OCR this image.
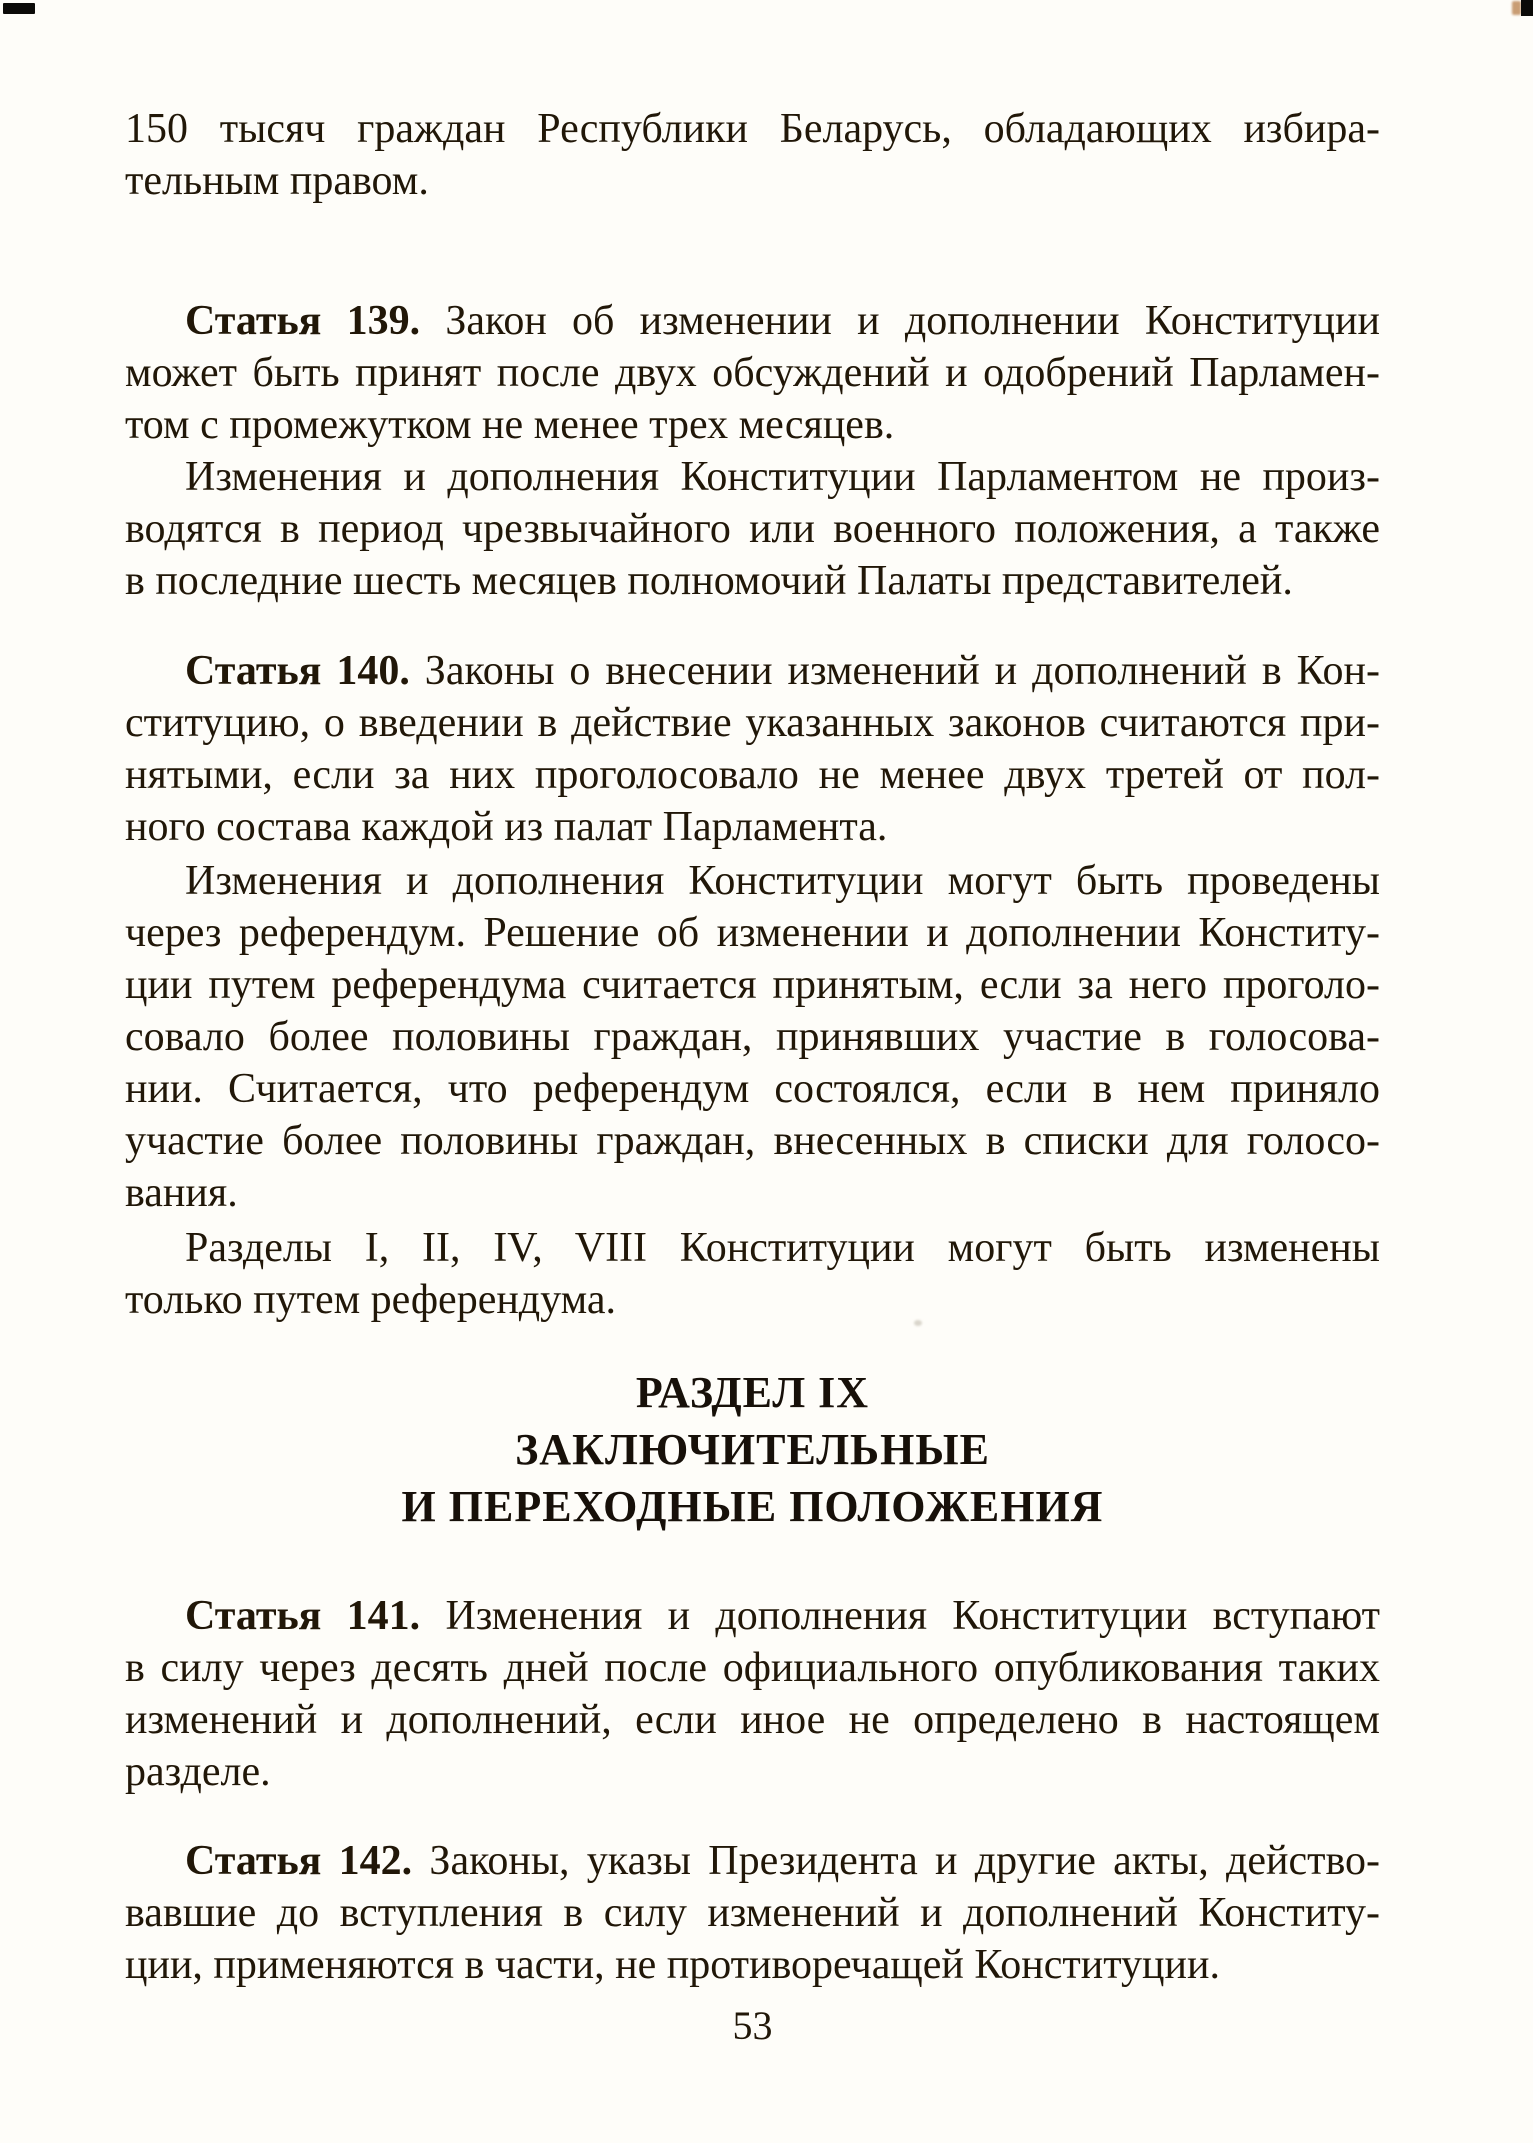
150 тысяч граждан Республики Беларусь, обладающих избира-
тельным правом.
Статья 139. Закон об изменении и дополнении Конституции
может быть принят после двух обсуждений и одобрений Парламен-
том с промежутком не менее трех месяцев.
Изменения и дополнения Конституции Парламентом не произ-
водятся в период чрезвычайного или военного положения, а также
в последние шесть месяцев полномочий Палаты представителей.
Статья 140. Законы о внесении изменений и дополнений в Кон-
ституцию, о введении в действие указанных законов считаются при-
нятыми, если за них проголосовало не менее двух третей от пол-
ного состава каждой из палат Парламента.
Изменения и дополнения Конституции могут быть проведены
через референдум. Решение об изменении и дополнении Конститу-
ции путем референдума считается принятым, если за него проголо-
совало более половины граждан, принявших участие в голосова-
нии. Считается, что референдум состоялся, если в нем приняло
участие более половины граждан, внесенных в списки для голосо-
вания.
Разделы I, II, IV, VIII Конституции могут быть изменены
только путем референдума.
РАЗДЕЛ IX
ЗАКЛЮЧИТЕЛЬНЫЕ
И ПЕРЕХОДНЫЕ ПОЛОЖЕНИЯ
Статья 141. Изменения и дополнения Конституции вступают
в силу через десять дней после официального опубликования таких
изменений и дополнений, если иное не определено в настоящем
разделе.
Статья 142. Законы, указы Президента и другие акты, действо-
вавшие до вступления в силу изменений и дополнений Конститу-
ции, применяются в части, не противоречащей Конституции.
53
